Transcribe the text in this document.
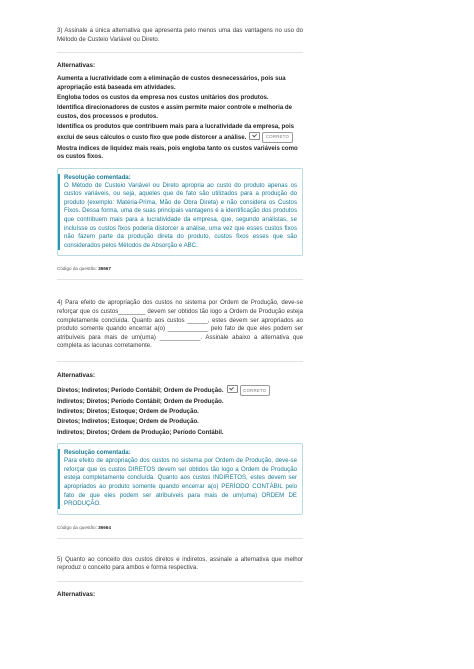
3) Assinale a única alternativa que apresenta pelo menos uma das vantagens no uso do Método de Custeio Variável ou Direto.
Alternativas:
Aumenta a lucratividade com a eliminação de custos desnecessários, pois sua apropriação está baseada em atividades.
Engloba todos os custos da empresa nos custos unitários dos produtos.
Identifica direcionadores de custos e assim permite maior controle e melhoria de custos, dos processos e produtos.
Identifica os produtos que contribuem mais para a lucratividade da empresa, pois exclui de seus cálculos o custo fixo que pode distorcer a análise.	CORRETO
Mostra índices de liquidez mais reais, pois engloba tanto os custos variáveis como os custos fixos.
Resolução comentada:
O Método de Custeio Variável ou Direto apropria ao custo do produto apenas os custos variáveis, ou seja, aqueles que de fato são utilizados para a produção do produto (exemplo: Matéria-Prima, Mão de Obra Direta) e não considera os Custos Fixos. Dessa forma, uma de suas principais vantagens é a identificação dos produtos que contribuem mais para a lucratividade da empresa, que, segundo análistas, se incluísse os custos fixos poderia distorcer a análise, uma vez que esses custos fixos não fazem parte da produção direta do produto, custos fixos esses que são considerados pelos Métodos de Absorção e ABC.
Código da questão: 36667
4) Para efeito de apropriação dos custos no sistema por Ordem de Produção, deve-se reforçar que os custos________ devem ser obtidos tão logo a Ordem de Produção esteja completamente concluída. Quanto aos custos ______, estes devem ser apropriados ao produto somente quando encerrar a(o) ____________ pelo fato de que eles podem ser atribuíveis para mais de um(uma) ____________. Assinale abaixo a alternativa que completa as lacunas corretamente.
Alternativas:
Diretos; Indiretos; Período Contábil; Ordem de Produção.	CORRETO
Indiretos; Diretos; Período Contábil; Ordem de Produção.
Indiretos; Diretos; Estoque; Ordem de Produção.
Diretos; Indiretos; Estoque; Ordem de Produção.
Indiretos; Diretos; Ordem de Produção; Período Contábil.
Resolução comentada:
Para efeito de apropriação dos custos no sistema por Ordem de Produção, deve-se reforçar que os custos DIRETOS devem ser obtidos tão logo a Ordem de Produção esteja completamente concluída. Quanto aos custos INDIRETOS, estes devem ser apropriados ao produto somente quando encerrar a(o) PERÍODO CONTÁBIL pelo fato de que eles podem ser atribuíveis para mais de um(uma) ORDEM DE PRODUÇÃO.
Código da questão: 36664
5) Quanto ao conceito dos custos diretos e indiretos, assinale a alternativa que melhor reproduz o conceito para ambos e forma respectiva.
Alternativas:
